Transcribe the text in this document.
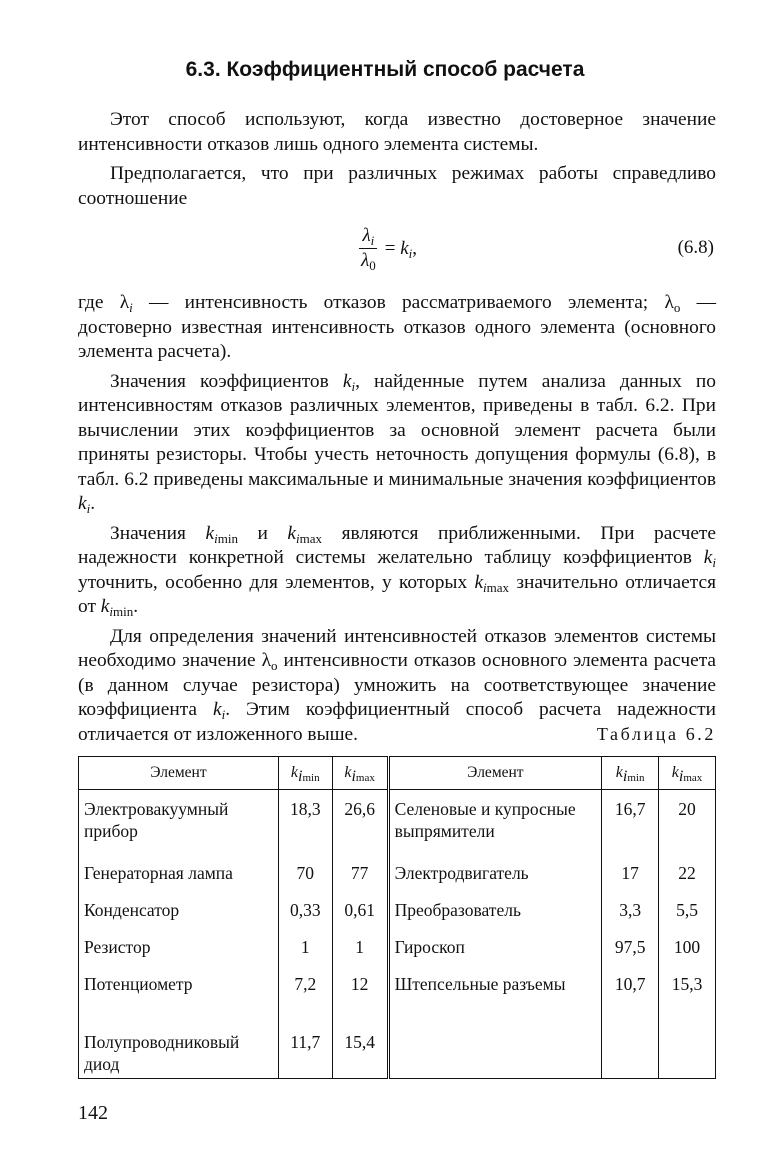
6.3. Коэффициентный способ расчета

Этот способ используют, когда известно достоверное значение интенсивности отказов лишь одного элемента системы.

Предполагается, что при различных режимах работы справедливо соотношение

$\frac{\lambda_i}{\lambda_0} = k_i$,	(6.8)

где $\lambda_i$ — интенсивность отказов рассматриваемого элемента; $\lambda_о$ — достоверно известная интенсивность отказов одного элемента (основного элемента расчета).

Значения коэффициентов $k_i$, найденные путем анализа данных по интенсивностям отказов различных элементов, приведены в табл. 6.2. При вычислении этих коэффициентов за основной элемент расчета были приняты резисторы. Чтобы учесть неточность допущения формулы (6.8), в табл. 6.2 приведены максимальные и минимальные значения коэффициентов $k_i$.

Значения $k_{imin}$ и $k_{imax}$ являются приближенными. При расчете надежности конкретной системы желательно таблицу коэффициентов $k_i$ уточнить, особенно для элементов, у которых $k_{imax}$ значительно отличается от $k_{imin}$.

Для определения значений интенсивностей отказов элементов системы необходимо значение $\lambda_о$ интенсивности отказов основного элемента расчета (в данном случае резистора) умножить на соответствующее значение коэффициента $k_i$. Этим коэффициентный способ расчета надежности отличается от изложенного выше.	Таблица 6.2
Элемент	$k_{imin}$	$k_{imax}$	Элемент	$k_{imin}$	$k_{imax}$
Электровакуумный прибор	18,3	26,6	Селеновые и купросные выпрямители	16,7	20
Генераторная лампа	70	77	Электродвигатель	17	22
Конденсатор	0,33	0,61	Преобразователь	3,3	5,5
Резистор	1	1	Гироскоп	97,5	100
Потенциометр	7,2	12	Штепсельные разъемы	10,7	15,3
Полупроводниковый диод	11,7	15,4			
142
